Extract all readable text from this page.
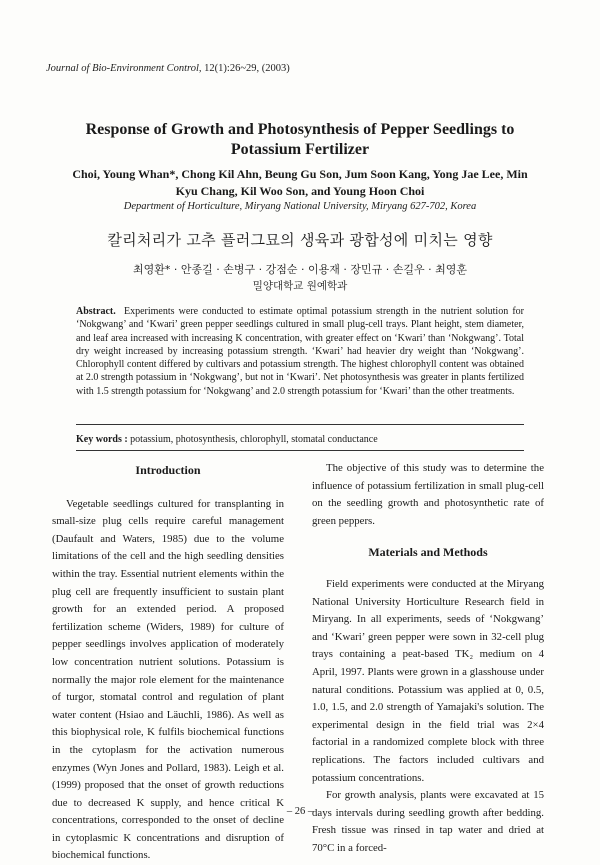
Journal of Bio-Environment Control, 12(1):26~29, (2003)
Response of Growth and Photosynthesis of Pepper Seedlings to Potassium Fertilizer
Choi, Young Whan*, Chong Kil Ahn, Beung Gu Son, Jum Soon Kang, Yong Jae Lee, Min Kyu Chang, Kil Woo Son, and Young Hoon Choi
Department of Horticulture, Miryang National University, Miryang 627-702, Korea
칼리처리가 고추 플러그묘의 생육과 광합성에 미치는 영향
최영환* · 안종길 · 손병구 · 강점순 · 이용재 · 장민규 · 손길우 · 최영훈
밀양대학교 원예학과
Abstract. Experiments were conducted to estimate optimal potassium strength in the nutrient solution for ‘Nokgwang’ and ‘Kwari’ green pepper seedlings cultured in small plug-cell trays. Plant height, stem diameter, and leaf area increased with increasing K concentration, with greater effect on ‘Kwari’ than ‘Nokgwang’. Total dry weight increased by increasing potassium strength. ‘Kwari’ had heavier dry weight than ‘Nokgwang’. Chlorophyll content differed by cultivars and potassium strength. The highest chlorophyll content was obtained at 2.0 strength potassium in ‘Nokgwang’, but not in ‘Kwari’. Net photosynthesis was greater in plants fertilized with 1.5 strength potassium for ‘Nokgwang’ and 2.0 strength potassium for ‘Kwari’ than the other treatments.
Key words : potassium, photosynthesis, chlorophyll, stomatal conductance
Introduction

Vegetable seedlings cultured for transplanting in small-size plug cells require careful management (Daufault and Waters, 1985) due to the volume limitations of the cell and the high seedling densities within the tray. Essential nutrient elements within the plug cell are frequently insufficient to sustain plant growth for an extended period. A proposed fertilization scheme (Widers, 1989) for culture of pepper seedlings involves application of moderately low concentration nutrient solutions. Potassium is normally the major role element for the maintenance of turgor, stomatal control and regulation of plant water content (Hsiao and Läuchli, 1986). As well as this biophysical role, K fulfils biochemical functions in the cytoplasm for the activation numerous enzymes (Wyn Jones and Pollard, 1983). Leigh et al. (1999) proposed that the onset of growth reductions due to decreased K supply, and hence critical K concentrations, corresponded to the onset of decline in cytoplasmic K concentrations and disruption of biochemical functions.

The objective of this study was to determine the influence of potassium fertilization in small plug-cell on the seedling growth and photosynthetic rate of green peppers.

Materials and Methods

Field experiments were conducted at the Miryang National University Horticulture Research field in Miryang. In all experiments, seeds of ‘Nokgwang’ and ‘Kwari’ green pepper were sown in 32-cell plug trays containing a peat-based TK₂ medium on 4 April, 1997. Plants were grown in a glasshouse under natural conditions. Potassium was applied at 0, 0.5, 1.0, 1.5, and 2.0 strength of Yamajaki's solution. The experimental design in the field trial was 2×4 factorial in a randomized complete block with three replications. The factors included cultivars and potassium concentrations.

For growth analysis, plants were excavated at 15 days intervals during seedling growth after bedding. Fresh tissue was rinsed in tap water and dried at 70°C in a forced-

– 26 –
